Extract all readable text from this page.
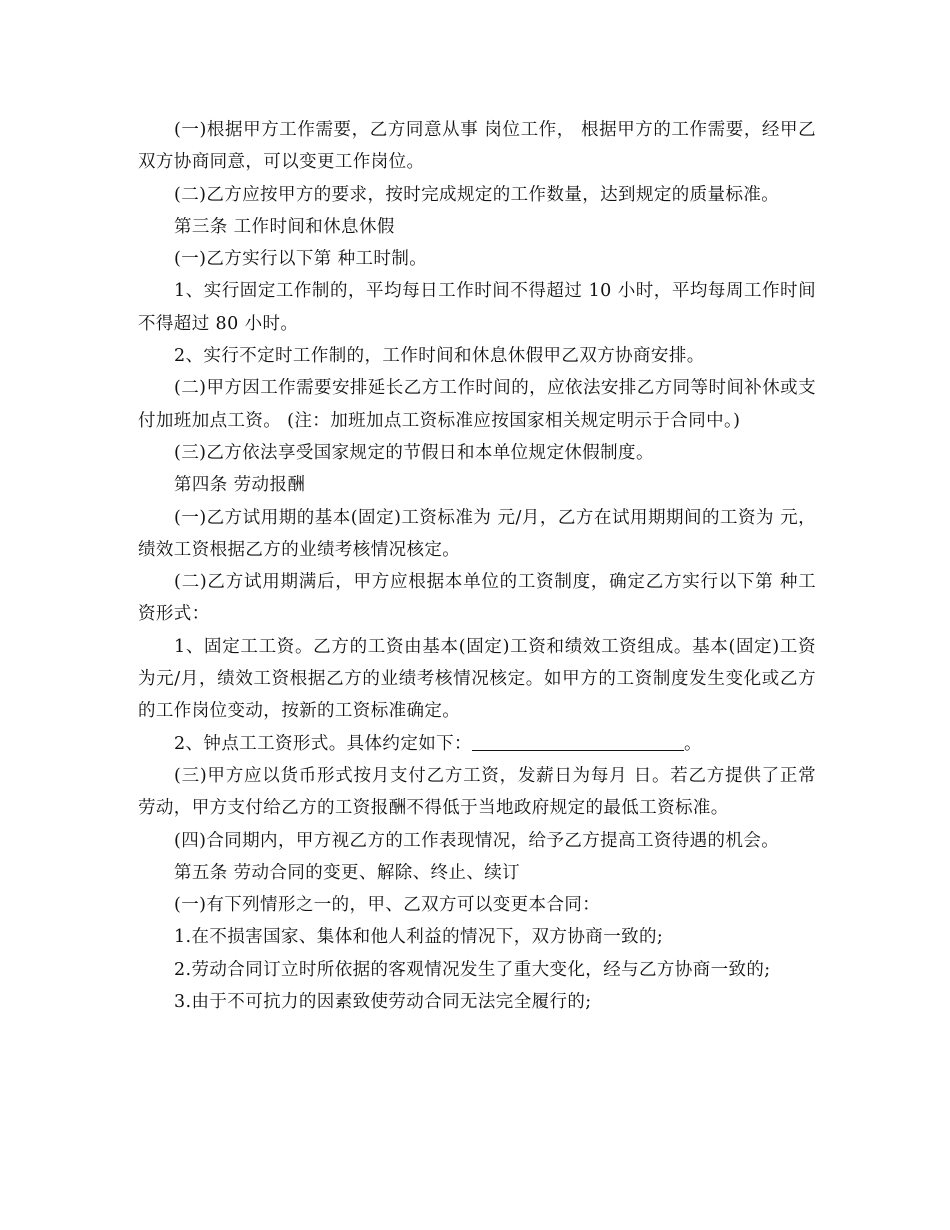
(一)根据甲方工作需要，乙方同意从事 岗位工作， 根据甲方的工作需要，经甲乙双方协商同意，可以变更工作岗位。

(二)乙方应按甲方的要求，按时完成规定的工作数量，达到规定的质量标准。

第三条 工作时间和休息休假

(一)乙方实行以下第 种工时制。

1、实行固定工作制的，平均每日工作时间不得超过 10 小时，平均每周工作时间不得超过 80 小时。

2、实行不定时工作制的，工作时间和休息休假甲乙双方协商安排。

(二)甲方因工作需要安排延长乙方工作时间的，应依法安排乙方同等时间补休或支付加班加点工资。 (注：加班加点工资标准应按国家相关规定明示于合同中。)

(三)乙方依法享受国家规定的节假日和本单位规定休假制度。

第四条 劳动报酬

(一)乙方试用期的基本(固定)工资标准为 元/月，乙方在试用期期间的工资为 元，绩效工资根据乙方的业绩考核情况核定。

(二)乙方试用期满后，甲方应根据本单位的工资制度，确定乙方实行以下第 种工资形式：

1、固定工工资。乙方的工资由基本(固定)工资和绩效工资组成。基本(固定)工资为元/月，绩效工资根据乙方的业绩考核情况核定。如甲方的工资制度发生变化或乙方的工作岗位变动，按新的工资标准确定。

2、钟点工工资形式。具体约定如下：	。

(三)甲方应以货币形式按月支付乙方工资，发薪日为每月 日。若乙方提供了正常劳动，甲方支付给乙方的工资报酬不得低于当地政府规定的最低工资标准。

(四)合同期内，甲方视乙方的工作表现情况，给予乙方提高工资待遇的机会。

第五条 劳动合同的变更、解除、终止、续订

(一)有下列情形之一的，甲、乙双方可以变更本合同：

1.在不损害国家、集体和他人利益的情况下，双方协商一致的;

2.劳动合同订立时所依据的客观情况发生了重大变化，经与乙方协商一致的;

3.由于不可抗力的因素致使劳动合同无法完全履行的;
